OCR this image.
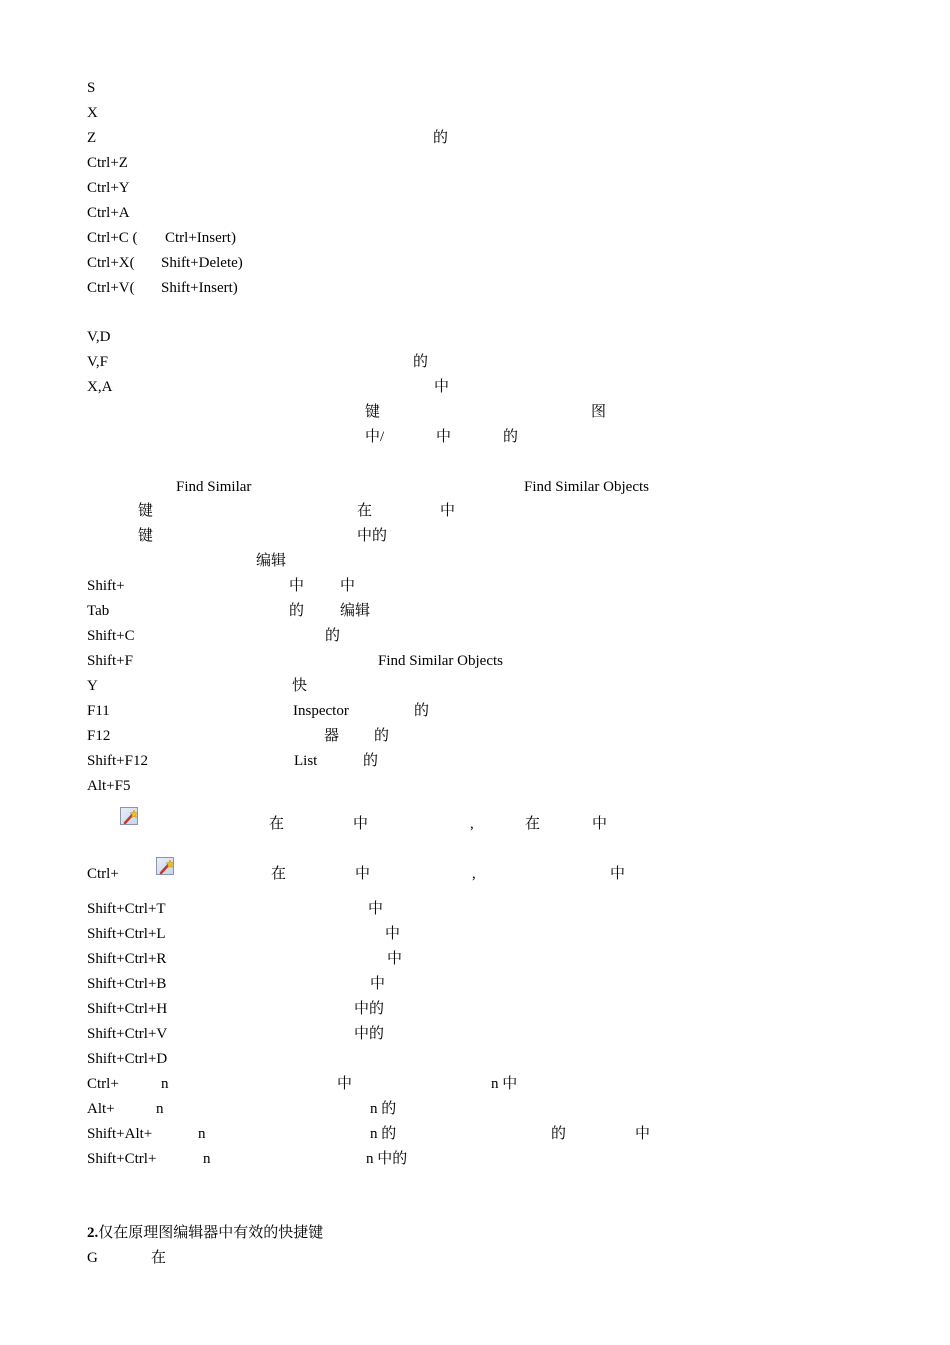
S
X
Z	的
Ctrl+Z
Ctrl+Y
Ctrl+A
Ctrl+C ( Ctrl+Insert)
Ctrl+X( Shift+Delete)
Ctrl+V( Shift+Insert)
V,D
V,F	的
X,A	中
键	图
中/	中	的
Find Similar	Find Similar Objects
键	在	中
键	中的
编辑
Shift+	中 中
Tab	的 编辑
Shift+C	的
Shift+F	Find Similar Objects
Y	快
F11	Inspector	的
F12	器 的
Shift+F12	List	的
Alt+F5
在	中	,	在	中
Ctrl+	在	中	,	中
Shift+Ctrl+T	中
Shift+Ctrl+L	中
Shift+Ctrl+R	中
Shift+Ctrl+B	中
Shift+Ctrl+H	中的
Shift+Ctrl+V	中的
Shift+Ctrl+D
Ctrl+	n	中	n 中
Alt+	n	n 的
Shift+Alt+	n	n 的	的	中
Shift+Ctrl+	n	n 中的
2.仅在原理图编辑器中有效的快捷键
G	在
